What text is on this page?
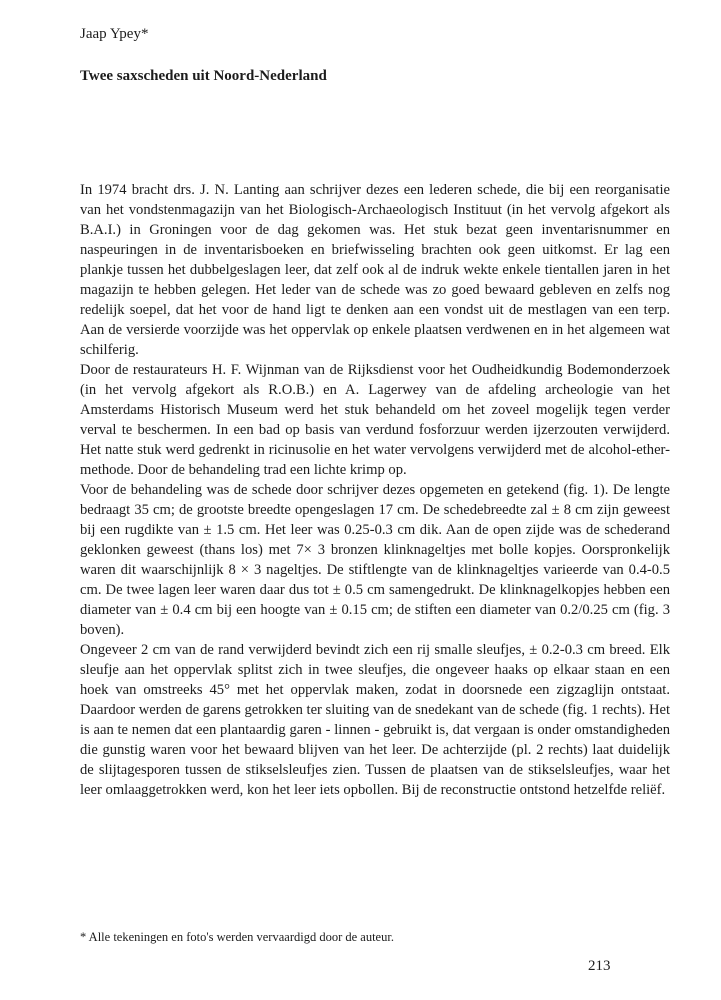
Jaap Ypey*
Twee saxscheden uit Noord-Nederland

In 1974 bracht drs. J. N. Lanting aan schrijver dezes een lederen schede, die bij een reorganisatie van het vondstenmagazijn van het Biologisch-Archaeologisch Instituut (in het vervolg afgekort als B.A.I.) in Groningen voor de dag gekomen was. Het stuk bezat geen inventarisnummer en naspeuringen in de inventarisboeken en briefwisseling brachten ook geen uitkomst. Er lag een plankje tussen het dubbelgeslagen leer, dat zelf ook al de indruk wekte enkele tientallen jaren in het magazijn te hebben gelegen. Het leder van de schede was zo goed bewaard gebleven en zelfs nog redelijk soepel, dat het voor de hand ligt te denken aan een vondst uit de mestlagen van een terp. Aan de versierde voorzijde was het oppervlak op enkele plaatsen verdwenen en in het algemeen wat schilferig.

Door de restaurateurs H. F. Wijnman van de Rijksdienst voor het Oudheidkundig Bodemonderzoek (in het vervolg afgekort als R.O.B.) en A. Lagerwey van de afdeling archeologie van het Amsterdams Historisch Museum werd het stuk behandeld om het zoveel mogelijk tegen verder verval te beschermen. In een bad op basis van verdund fosforzuur werden ijzerzouten verwijderd. Het natte stuk werd gedrenkt in ricinusolie en het water vervolgens verwijderd met de alcohol-ether-methode. Door de behandeling trad een lichte krimp op.

Voor de behandeling was de schede door schrijver dezes opgemeten en getekend (fig. 1). De lengte bedraagt 35 cm; de grootste breedte opengeslagen 17 cm. De schedebreedte zal ± 8 cm zijn geweest bij een rugdikte van ± 1.5 cm. Het leer was 0.25-0.3 cm dik. Aan de open zijde was de schederand geklonken geweest (thans los) met 7× 3 bronzen klinknageltjes met bolle kopjes. Oorspronkelijk waren dit waarschijnlijk 8 × 3 nageltjes. De stiftlengte van de klinknageltjes varieerde van 0.4-0.5 cm. De twee lagen leer waren daar dus tot ± 0.5 cm samengedrukt. De klinknagelkopjes hebben een diameter van ± 0.4 cm bij een hoogte van ± 0.15 cm; de stiften een diameter van 0.2/0.25 cm (fig. 3 boven).

Ongeveer 2 cm van de rand verwijderd bevindt zich een rij smalle sleufjes, ± 0.2-0.3 cm breed. Elk sleufje aan het oppervlak splitst zich in twee sleufjes, die ongeveer haaks op elkaar staan en een hoek van omstreeks 45° met het oppervlak maken, zodat in doorsnede een zigzaglijn ontstaat. Daardoor werden de garens getrokken ter sluiting van de snedekant van de schede (fig. 1 rechts). Het is aan te nemen dat een plantaardig garen - linnen - gebruikt is, dat vergaan is onder omstandigheden die gunstig waren voor het bewaard blijven van het leer. De achterzijde (pl. 2 rechts) laat duidelijk de slijtagesporen tussen de stikselsleufjes zien. Tussen de plaatsen van de stikselsleufjes, waar het leer omlaaggetrokken werd, kon het leer iets opbollen. Bij de reconstructie ontstond hetzelfde reliëf.

* Alle tekeningen en foto's werden vervaardigd door de auteur.
213
